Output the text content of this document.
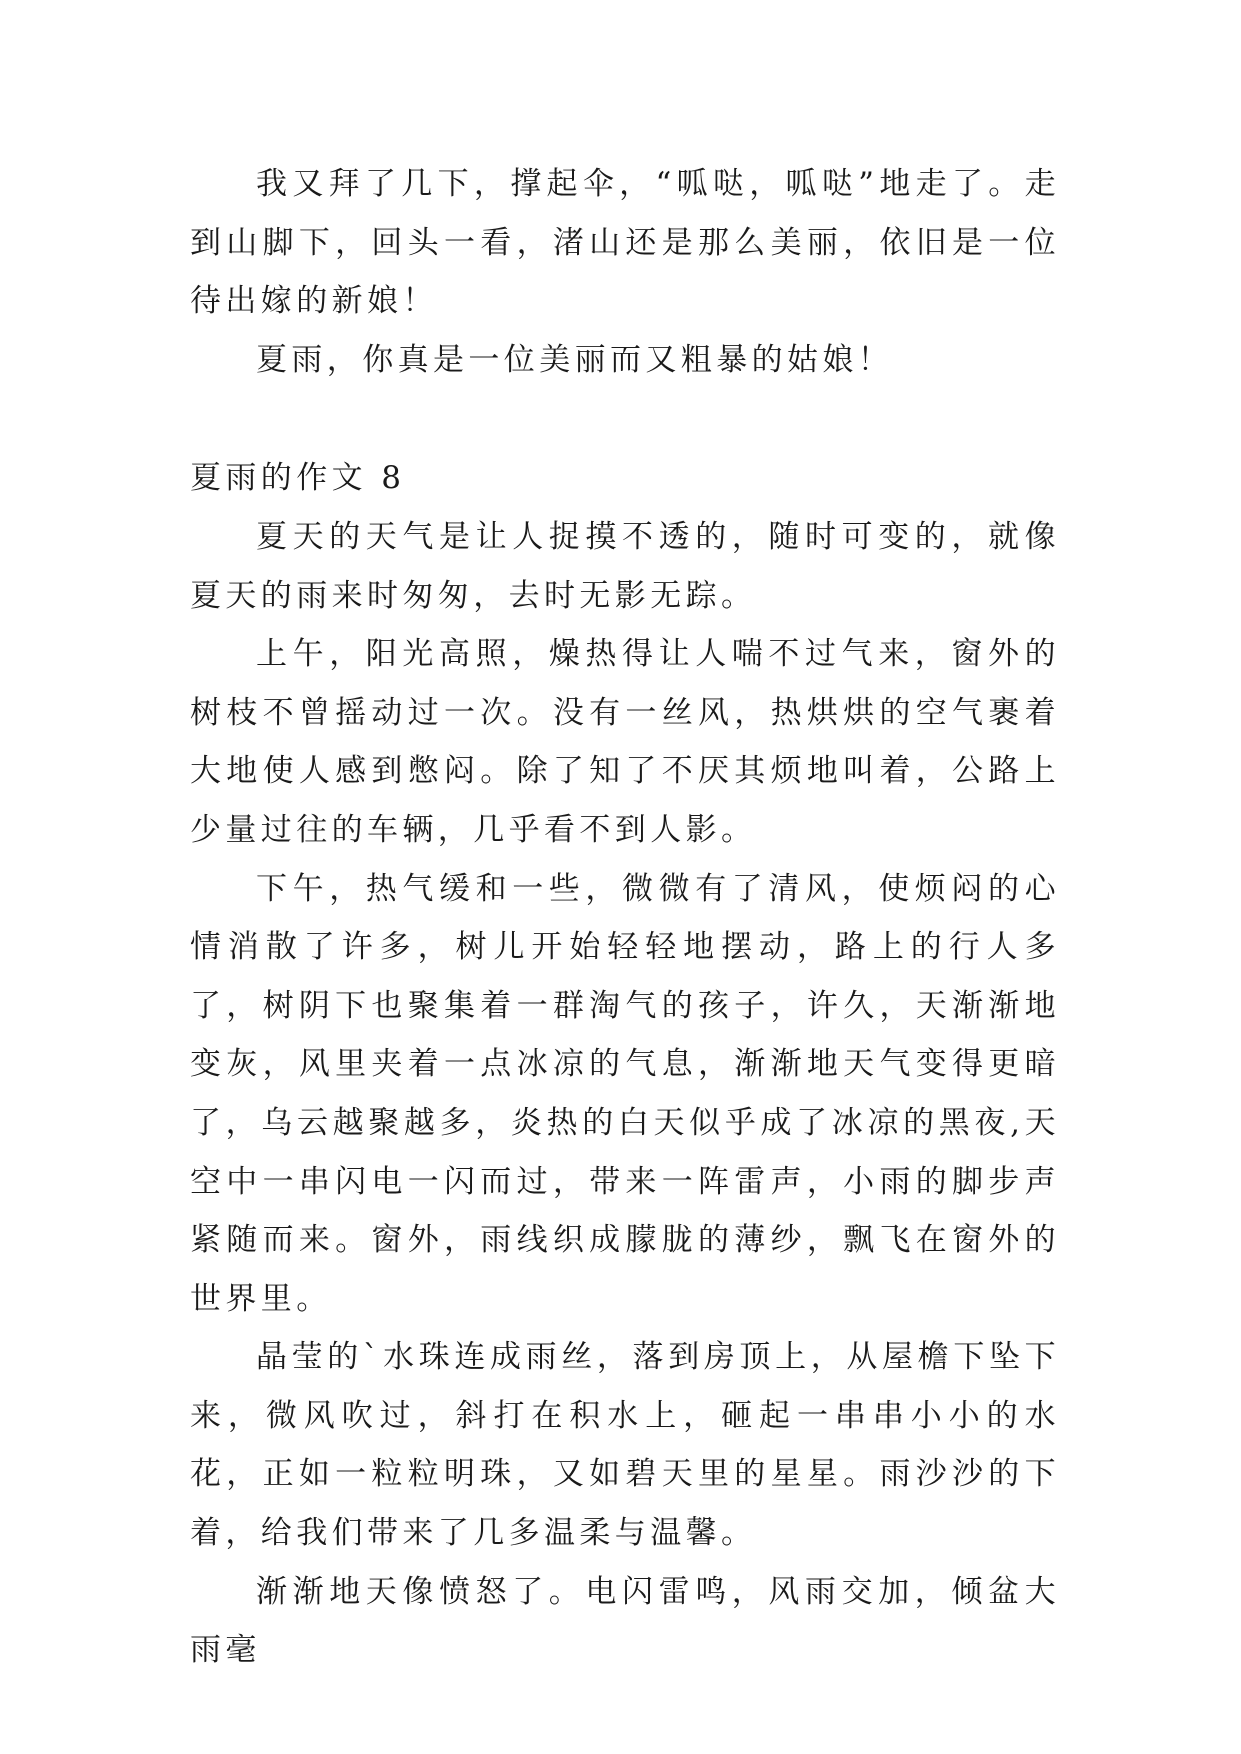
我又拜了几下，撑起伞，“呱哒，呱哒”地走了。走到山脚下，回头一看，渚山还是那么美丽，依旧是一位待出嫁的新娘！

夏雨，你真是一位美丽而又粗暴的姑娘！

夏雨的作文 8

夏天的天气是让人捉摸不透的，随时可变的，就像夏天的雨来时匆匆，去时无影无踪。

上午，阳光高照，燥热得让人喘不过气来，窗外的树枝不曾摇动过一次。没有一丝风，热烘烘的空气裹着大地使人感到憋闷。除了知了不厌其烦地叫着，公路上少量过往的车辆，几乎看不到人影。

下午，热气缓和一些，微微有了清风，使烦闷的心情消散了许多，树儿开始轻轻地摆动，路上的行人多了，树阴下也聚集着一群淘气的孩子，许久，天渐渐地变灰，风里夹着一点冰凉的气息，渐渐地天气变得更暗了，乌云越聚越多，炎热的白天似乎成了冰凉的黑夜,天空中一串闪电一闪而过，带来一阵雷声，小雨的脚步声紧随而来。窗外，雨线织成朦胧的薄纱，飘飞在窗外的世界里。

晶莹的`水珠连成雨丝，落到房顶上，从屋檐下坠下来，微风吹过，斜打在积水上，砸起一串串小小的水花，正如一粒粒明珠，又如碧天里的星星。雨沙沙的下着，给我们带来了几多温柔与温馨。

渐渐地天像愤怒了。电闪雷鸣，风雨交加，倾盆大雨毫
